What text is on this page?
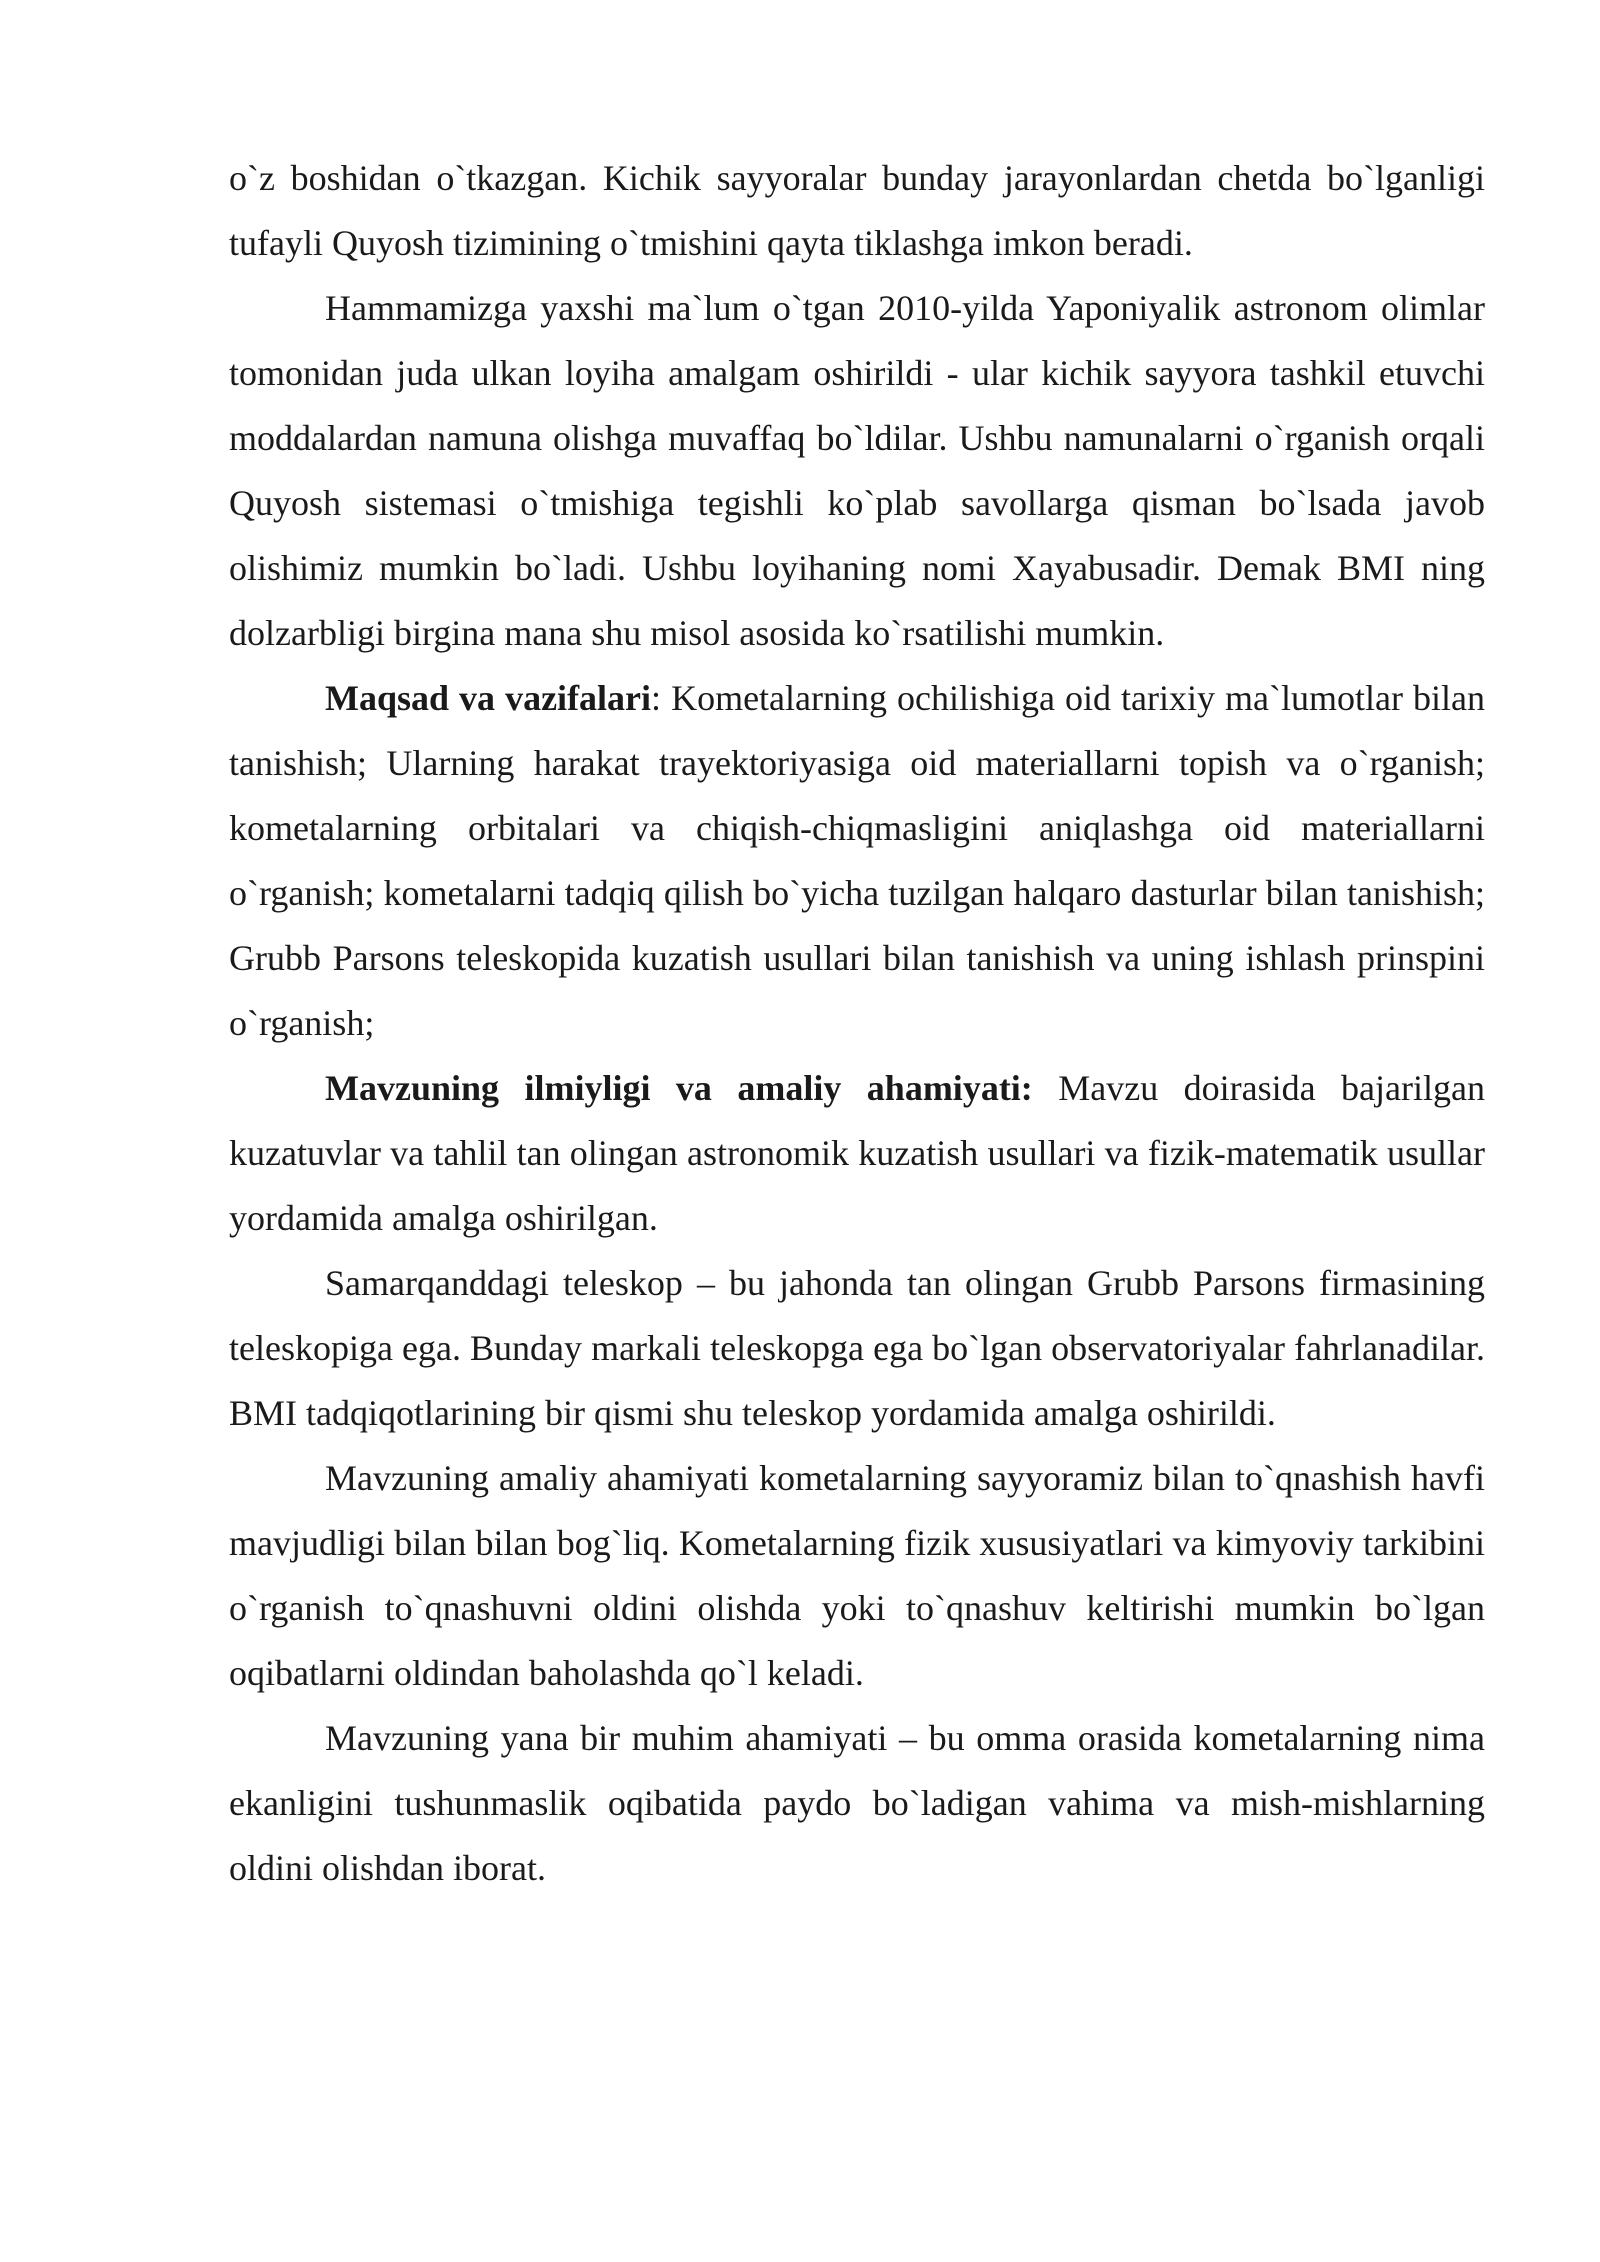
o`z boshidan o`tkazgan. Kichik sayyoralar bunday jarayonlardan chetda bo`lganligi tufayli Quyosh tizimining o`tmishini qayta tiklashga imkon beradi.

Hammamizga yaxshi ma`lum o`tgan 2010-yilda Yaponiyalik astronom olimlar tomonidan juda ulkan loyiha amalgam oshirildi - ular kichik sayyora tashkil etuvchi moddalardan namuna olishga muvaffaq bo`ldilar. Ushbu namunalarni o`rganish orqali Quyosh sistemasi o`tmishiga tegishli ko`plab savollarga qisman bo`lsada javob olishimiz mumkin bo`ladi. Ushbu loyihaning nomi Xayabusadir. Demak BMI ning dolzarbligi birgina mana shu misol asosida ko`rsatilishi mumkin.

Maqsad va vazifalari: Kometalarning ochilishiga oid tarixiy ma`lumotlar bilan tanishish; Ularning harakat trayektoriyasiga oid materiallarni topish va o`rganish; kometalarning orbitalari va chiqish-chiqmasligini aniqlashga oid materiallarni o`rganish; kometalarni tadqiq qilish bo`yicha tuzilgan halqaro dasturlar bilan tanishish; Grubb Parsons teleskopida kuzatish usullari bilan tanishish va uning ishlash prinspini o`rganish;

Mavzuning ilmiyligi va amaliy ahamiyati: Mavzu doirasida bajarilgan kuzatuvlar va tahlil tan olingan astronomik kuzatish usullari va fizik-matematik usullar yordamida amalga oshirilgan.

Samarqanddagi teleskop – bu jahonda tan olingan Grubb Parsons firmasining teleskopiga ega. Bunday markali teleskopga ega bo`lgan observatoriyalar fahrlanadilar. BMI tadqiqotlarining bir qismi shu teleskop yordamida amalga oshirildi.

Mavzuning amaliy ahamiyati kometalarning sayyoramiz bilan to`qnashish havfi mavjudligi bilan bilan bog`liq. Kometalarning fizik xususiyatlari va kimyoviy tarkibini o`rganish to`qnashuvni oldini olishda yoki to`qnashuv keltirishi mumkin bo`lgan oqibatlarni oldindan baholashda qo`l keladi.

Mavzuning yana bir muhim ahamiyati – bu omma orasida kometalarning nima ekanligini tushunmaslik oqibatida paydo bo`ladigan vahima va mish-mishlarning oldini olishdan iborat.
